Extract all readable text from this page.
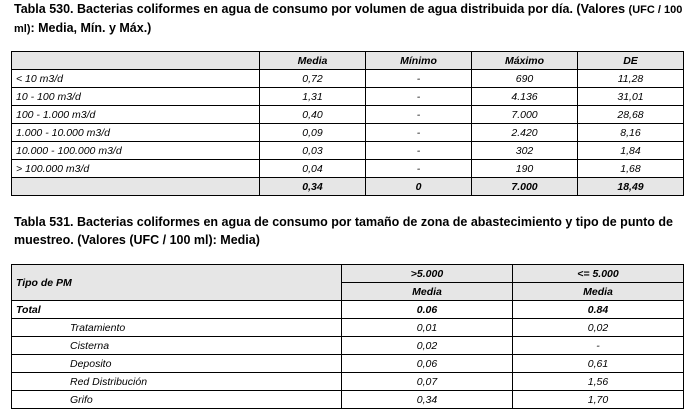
Tabla 530. Bacterias coliformes en agua de consumo por volumen de agua distribuida por día. (Valores (UFC / 100 ml): Media, Mín. y Máx.)
	Media	Mínimo	Máximo	DE
< 10 m3/d	0,72	-	690	11,28
10 - 100 m3/d	1,31	-	4.136	31,01
100 - 1.000 m3/d	0,40	-	7.000	28,68
1.000 - 10.000 m3/d	0,09	-	2.420	8,16
10.000 - 100.000 m3/d	0,03	-	302	1,84
> 100.000 m3/d	0,04	-	190	1,68
	0,34	0	7.000	18,49
Tabla 531. Bacterias coliformes en agua de consumo por tamaño de zona de abastecimiento y tipo de punto de muestreo. (Valores (UFC / 100 ml): Media)
Tipo de PM	>5.000	<= 5.000
	Media	Media
Total	0.06	0.84
Tratamiento	0,01	0,02
Cisterna	0,02	-
Deposito	0,06	0,61
Red Distribución	0,07	1,56
Grifo	0,34	1,70
